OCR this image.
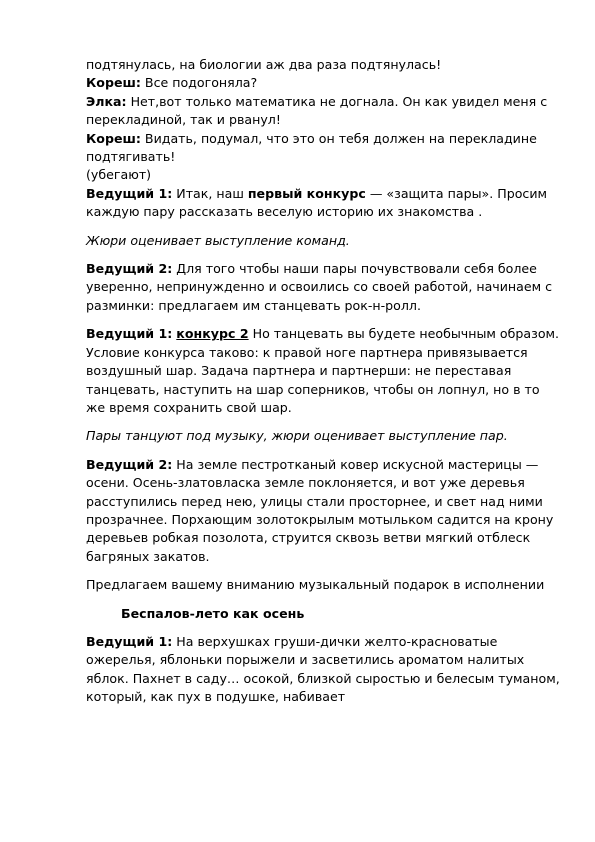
подтянулась, на биологии аж два раза подтянулась!

Кореш: Все подогоняла?

Элка: Нет,вот только математика не догнала. Он как увидел меня с перекладиной, так и рванул!

Кореш: Видать, подумал, что это он тебя должен на перекладине подтягивать!

(убегают)

Ведущий 1: Итак, наш первый конкурс — «защита пары». Просим каждую пару рассказать веселую историю их знакомства .

Жюри оценивает выступление команд.

Ведущий 2: Для того чтобы наши пары почувствовали себя более уверенно, непринужденно и освоились со своей работой, начинаем с разминки: предлагаем им станцевать рок-н-ролл.

Ведущий 1: конкурс 2 Но танцевать вы будете необычным образом. Условие конкурса таково: к правой ноге партнера привязывается воздушный шар. Задача партнера и партнерши: не переставая танцевать, наступить на шар соперников, чтобы он лопнул, но в то же время сохранить свой шар.

Пары танцуют под музыку, жюри оценивает выступление пар.

Ведущий 2: На земле пестротканый ковер искусной мастерицы — осени. Осень-златовласка земле поклоняется, и вот уже деревья расступились перед нею, улицы стали просторнее, и свет над ними прозрачнее. Порхающим золотокрылым мотыльком садится на крону деревьев робкая позолота, струится сквозь ветви мягкий отблеск багряных закатов.

Предлагаем вашему вниманию музыкальный подарок в исполнении

Беспалов-лето как осень

Ведущий 1: На верхушках груши-дички желто-красноватые ожерелья, яблоньки порыжели и засветились ароматом налитых яблок. Пахнет в саду… осокой, близкой сыростью и белесым туманом, который, как пух в подушке, набивает
